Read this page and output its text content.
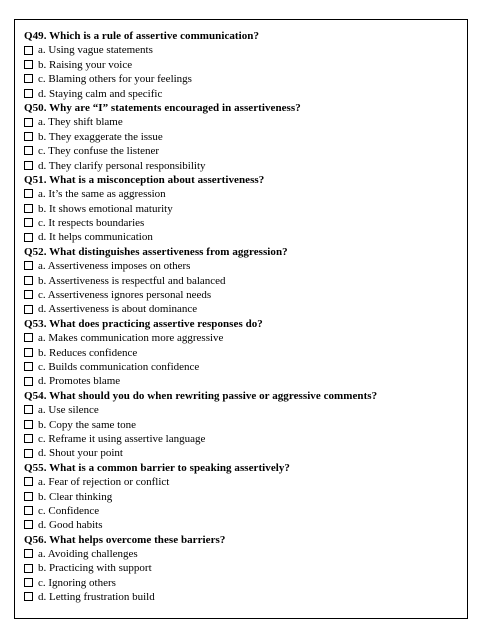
Q49. Which is a rule of assertive communication?
a. Using vague statements
b. Raising your voice
c. Blaming others for your feelings
d. Staying calm and specific
Q50. Why are “I” statements encouraged in assertiveness?
a. They shift blame
b. They exaggerate the issue
c. They confuse the listener
d. They clarify personal responsibility
Q51. What is a misconception about assertiveness?
a. It’s the same as aggression
b. It shows emotional maturity
c. It respects boundaries
d. It helps communication
Q52. What distinguishes assertiveness from aggression?
a. Assertiveness imposes on others
b. Assertiveness is respectful and balanced
c. Assertiveness ignores personal needs
d. Assertiveness is about dominance
Q53. What does practicing assertive responses do?
a. Makes communication more aggressive
b. Reduces confidence
c. Builds communication confidence
d. Promotes blame
Q54. What should you do when rewriting passive or aggressive comments?
a. Use silence
b. Copy the same tone
c. Reframe it using assertive language
d. Shout your point
Q55. What is a common barrier to speaking assertively?
a. Fear of rejection or conflict
b. Clear thinking
c. Confidence
d. Good habits
Q56. What helps overcome these barriers?
a. Avoiding challenges
b. Practicing with support
c. Ignoring others
d. Letting frustration build
